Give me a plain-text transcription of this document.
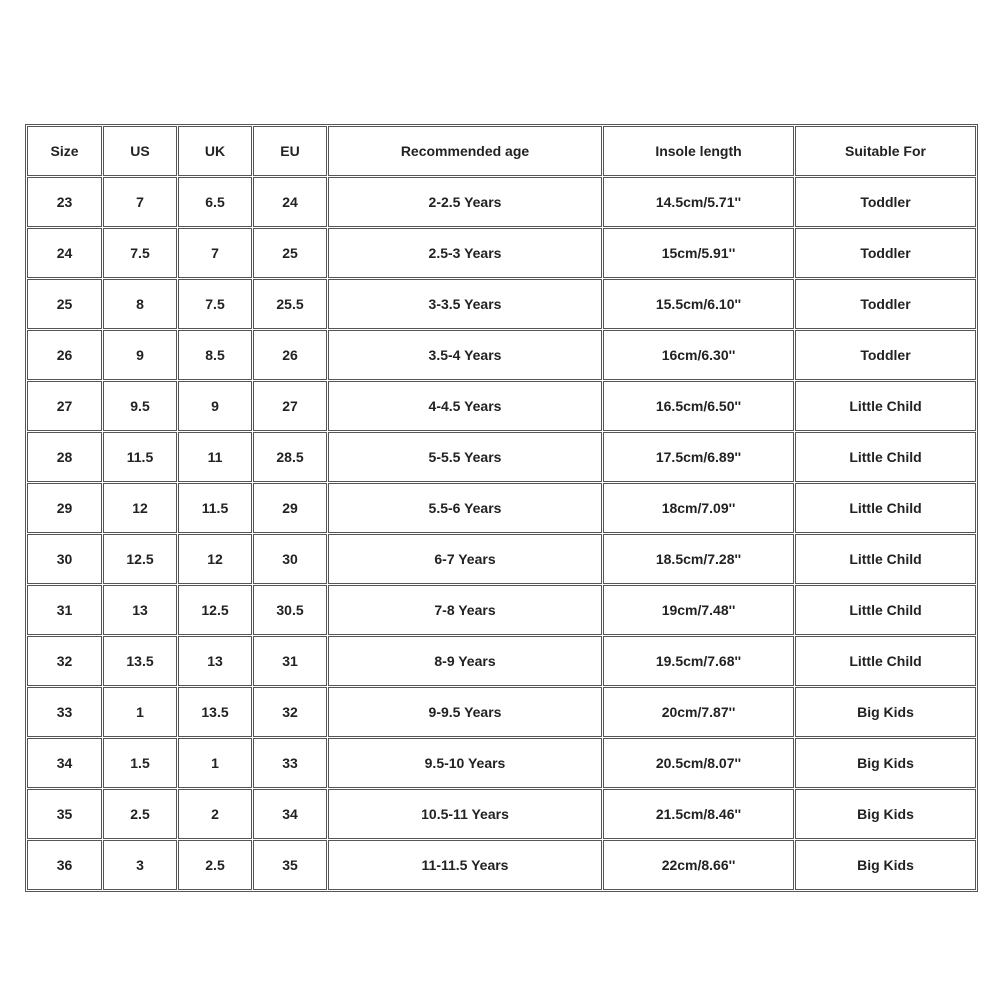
Size	US	UK	EU	Recommended age	Insole length	Suitable For
23	7	6.5	24	2-2.5 Years	14.5cm/5.71''	Toddler
24	7.5	7	25	2.5-3 Years	15cm/5.91''	Toddler
25	8	7.5	25.5	3-3.5 Years	15.5cm/6.10''	Toddler
26	9	8.5	26	3.5-4 Years	16cm/6.30''	Toddler
27	9.5	9	27	4-4.5 Years	16.5cm/6.50''	Little Child
28	11.5	11	28.5	5-5.5 Years	17.5cm/6.89''	Little Child
29	12	11.5	29	5.5-6 Years	18cm/7.09''	Little Child
30	12.5	12	30	6-7 Years	18.5cm/7.28''	Little Child
31	13	12.5	30.5	7-8 Years	19cm/7.48''	Little Child
32	13.5	13	31	8-9 Years	19.5cm/7.68''	Little Child
33	1	13.5	32	9-9.5 Years	20cm/7.87''	Big Kids
34	1.5	1	33	9.5-10 Years	20.5cm/8.07''	Big Kids
35	2.5	2	34	10.5-11 Years	21.5cm/8.46''	Big Kids
36	3	2.5	35	11-11.5 Years	22cm/8.66''	Big Kids
